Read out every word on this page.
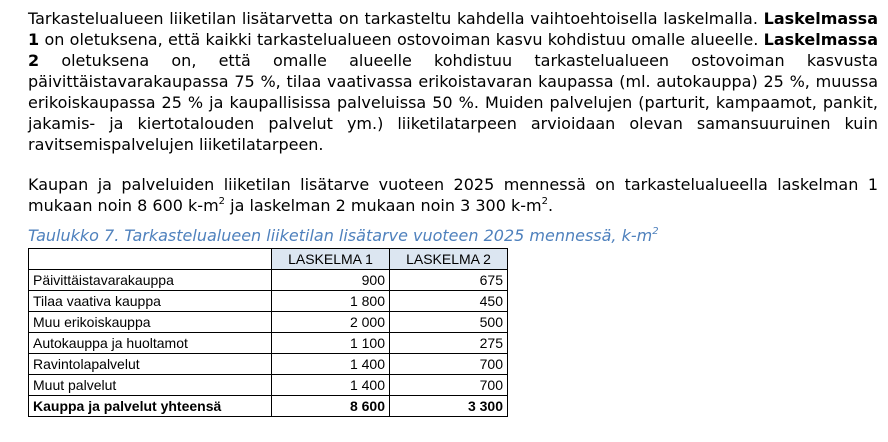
Tarkastelualueen liiketilan lisätarvetta on tarkasteltu kahdella vaihtoehtoisella laskelmalla. Laskelmassa 1 on oletuksena, että kaikki tarkastelualueen ostovoiman kasvu kohdistuu omalle alueelle. Laskelmassa 2 oletuksena on, että omalle alueelle kohdistuu tarkastelualueen ostovoiman kasvusta päivittäistavarakaupassa 75 %, tilaa vaativassa erikoistavaran kaupassa (ml. autokauppa) 25 %, muussa erikoiskaupassa 25 % ja kaupallisissa palveluissa 50 %. Muiden palvelujen (parturit, kampaamot, pankit, jakamis- ja kiertotalouden palvelut ym.) liiketilatarpeen arvioidaan olevan samansuuruinen kuin ravitsemispalvelujen liiketilatarpeen.

Kaupan ja palveluiden liiketilan lisätarve vuoteen 2025 mennessä on tarkastelualueella laskelman 1 mukaan noin 8 600 $k-m^2$ ja laskelman 2 mukaan noin 3 300 $k-m^2$.

Taulukko 7. Tarkastelualueen liiketilan lisätarve vuoteen 2025 mennessä, $k-m^2$

	LASKELMA 1	LASKELMA 2
Päivittäistavarakauppa	900	675
Tilaa vaativa kauppa	1 800	450
Muu erikoiskauppa	2 000	500
Autokauppa ja huoltamot	1 100	275
Ravintolapalvelut	1 400	700
Muut palvelut	1 400	700
Kauppa ja palvelut yhteensä	8 600	3 300
